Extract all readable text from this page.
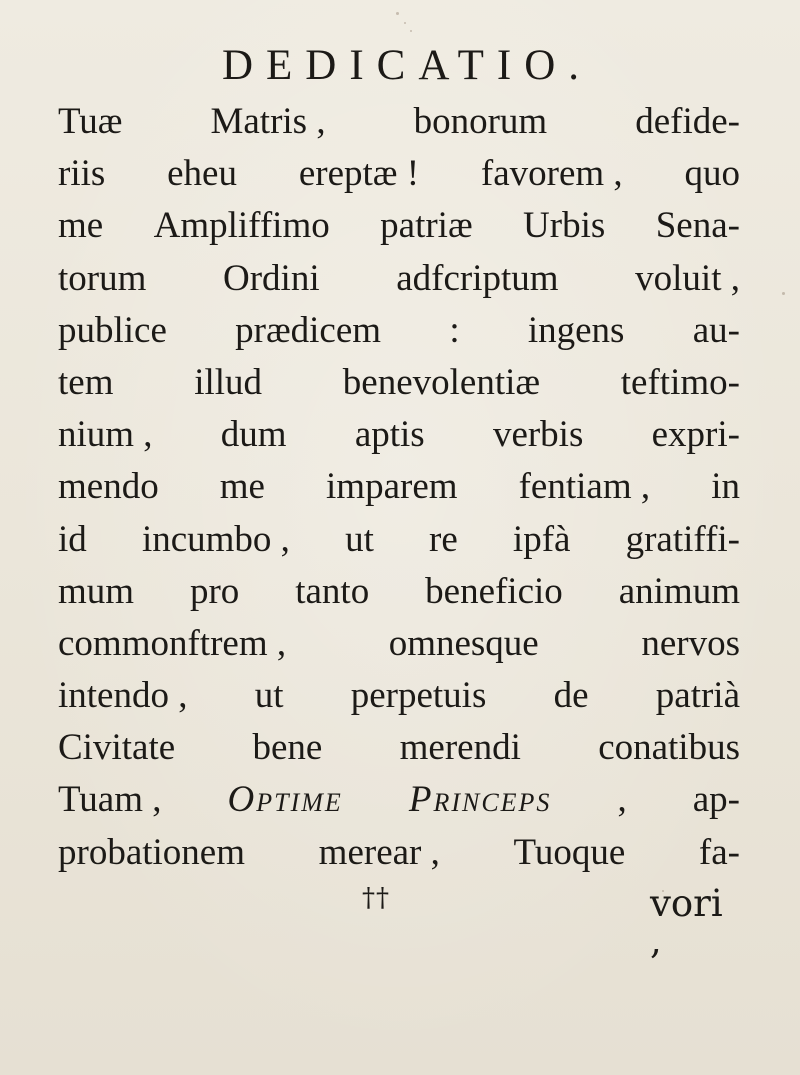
DEDICATIO.
Tuæ Matris , bonorum defide-
riis eheu ereptæ ! favorem , quo
me Ampliffimo patriæ Urbis Sena-
torum Ordini adfcriptum voluit ,
publice prædicem : ingens au-
tem illud benevolentiæ teftimo-
nium , dum aptis verbis expri-
mendo me imparem fentiam , in
id incumbo , ut re ipfà gratiffi-
mum pro tanto beneficio animum
commonftrem ,	omnesque	nervos
intendo , ut perpetuis de patrià
Civitate bene merendi conatibus
Tuam , Optime Princeps , ap-
probationem merear , Tuoque fa-
††	vori ,
